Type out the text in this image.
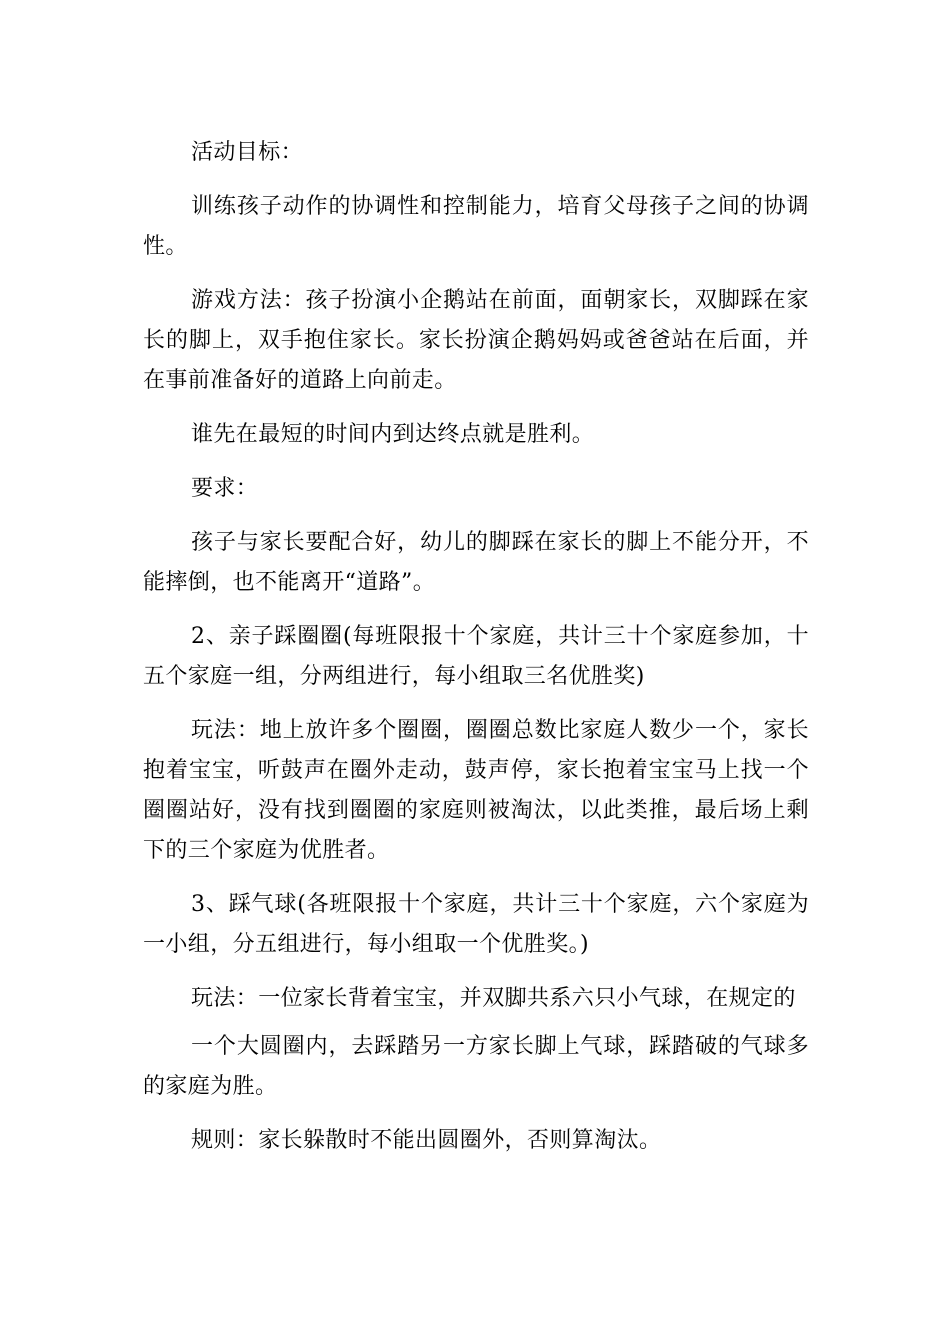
活动目标：

训练孩子动作的协调性和控制能力，培育父母孩子之间的协调性。

游戏方法：孩子扮演小企鹅站在前面，面朝家长，双脚踩在家长的脚上，双手抱住家长。家长扮演企鹅妈妈或爸爸站在后面，并在事前准备好的道路上向前走。

谁先在最短的时间内到达终点就是胜利。

要求：

孩子与家长要配合好，幼儿的脚踩在家长的脚上不能分开，不能摔倒，也不能离开“道路”。

2、亲子踩圈圈(每班限报十个家庭，共计三十个家庭参加，十五个家庭一组，分两组进行，每小组取三名优胜奖)

玩法：地上放许多个圈圈，圈圈总数比家庭人数少一个，家长抱着宝宝，听鼓声在圈外走动，鼓声停，家长抱着宝宝马上找一个圈圈站好，没有找到圈圈的家庭则被淘汰，以此类推，最后场上剩下的三个家庭为优胜者。

3、踩气球(各班限报十个家庭，共计三十个家庭，六个家庭为一小组，分五组进行，每小组取一个优胜奖。)

玩法：一位家长背着宝宝，并双脚共系六只小气球，在规定的

一个大圆圈内，去踩踏另一方家长脚上气球，踩踏破的气球多的家庭为胜。

规则：家长躲散时不能出圆圈外，否则算淘汰。
